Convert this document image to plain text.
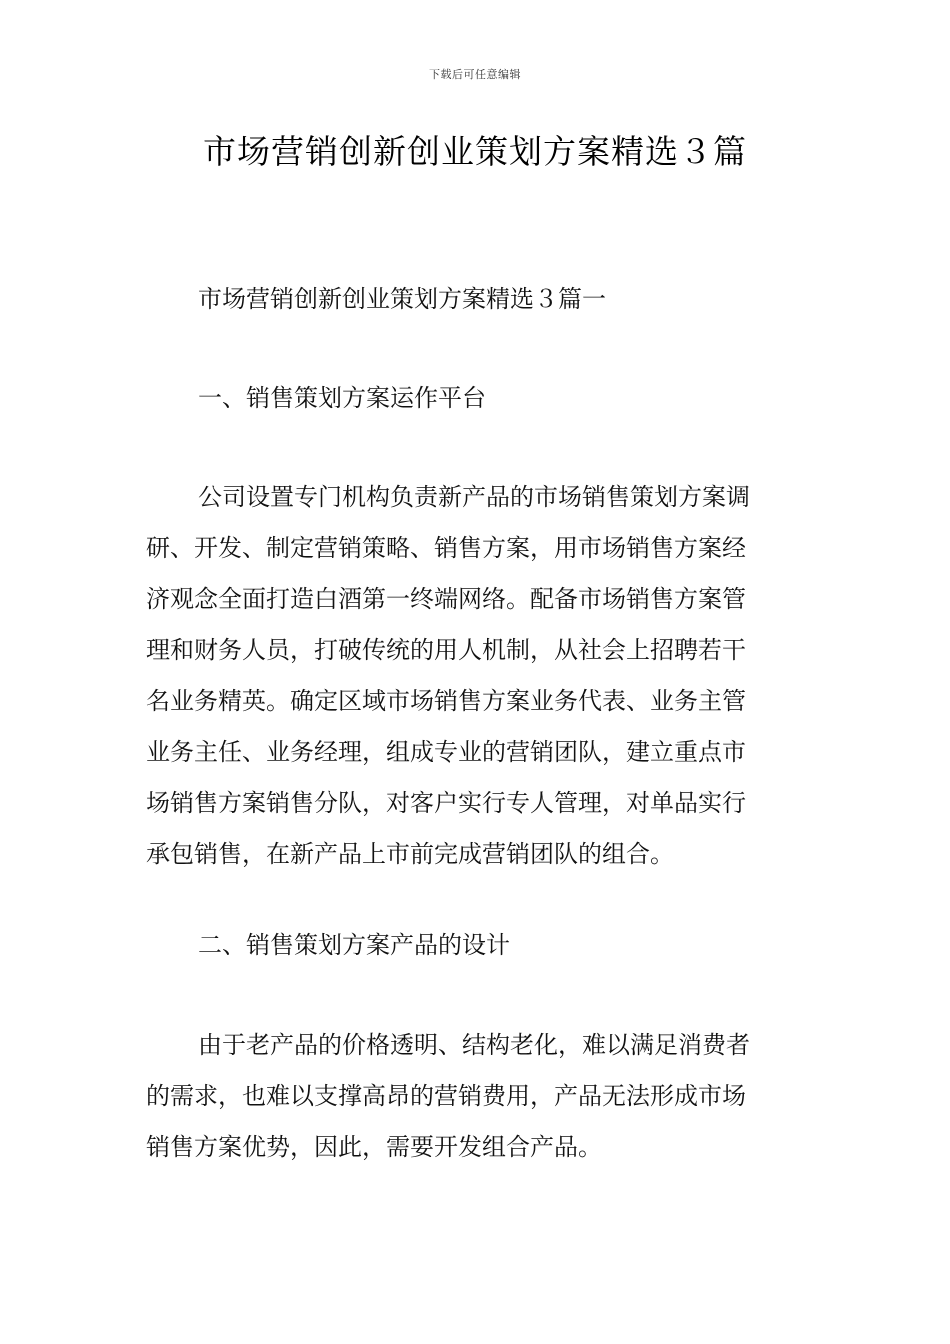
下载后可任意编辑
市场营销创新创业策划方案精选３篇
市场营销创新创业策划方案精选３篇一
一、销售策划方案运作平台
公司设置专门机构负责新产品的市场销售策划方案调
研、开发、制定营销策略、销售方案，用市场销售方案经
济观念全面打造白酒第一终端网络。配备市场销售方案管
理和财务人员，打破传统的用人机制，从社会上招聘若干
名业务精英。确定区域市场销售方案业务代表、业务主管
业务主任、业务经理，组成专业的营销团队，建立重点市
场销售方案销售分队，对客户实行专人管理，对单品实行
承包销售，在新产品上市前完成营销团队的组合。
二、销售策划方案产品的设计
由于老产品的价格透明、结构老化，难以满足消费者
的需求，也难以支撑高昂的营销费用，产品无法形成市场
销售方案优势，因此，需要开发组合产品。
